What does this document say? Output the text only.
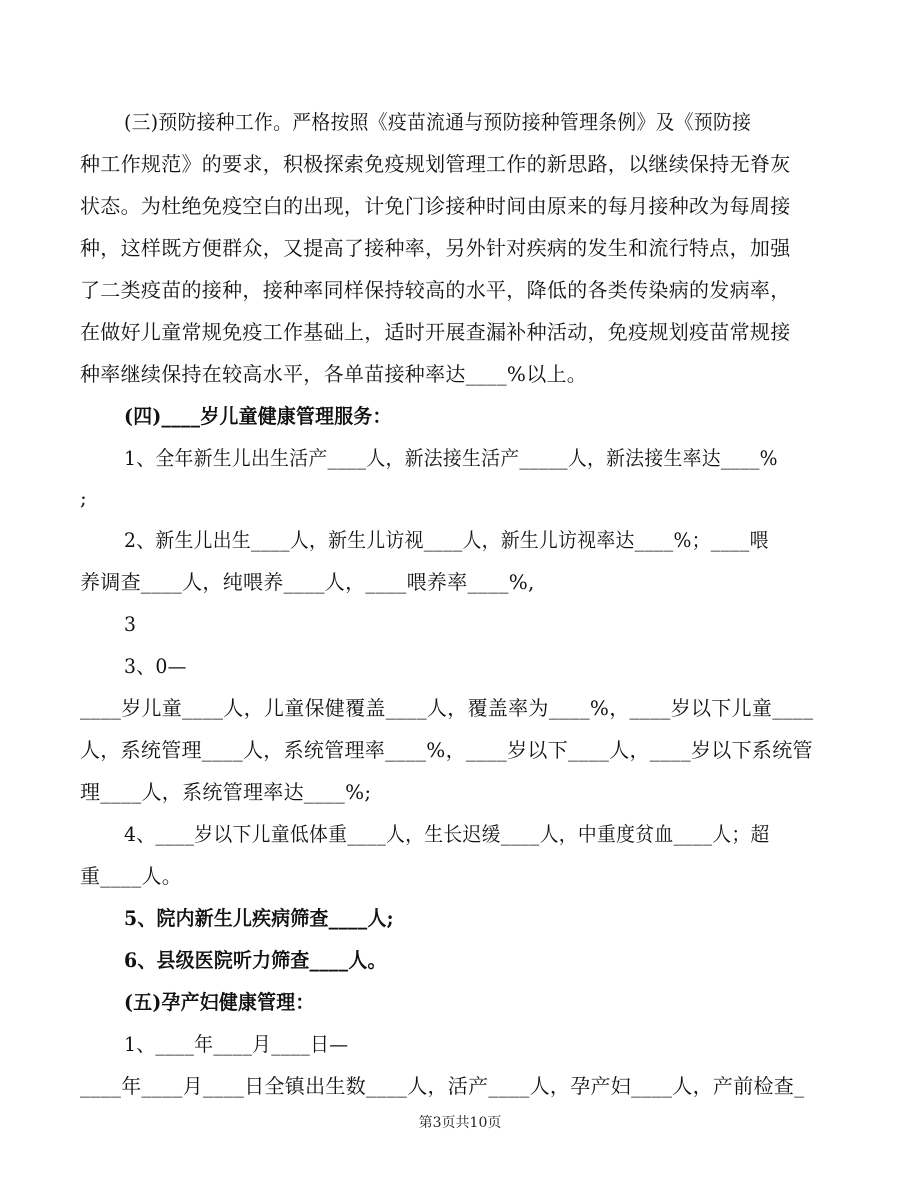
(三)预防接种工作。严格按照《疫苗流通与预防接种管理条例》及《预防接
种工作规范》的要求，积极探索免疫规划管理工作的新思路，以继续保持无脊灰
状态。为杜绝免疫空白的出现，计免门诊接种时间由原来的每月接种改为每周接
种，这样既方便群众，又提高了接种率，另外针对疾病的发生和流行特点，加强
了二类疫苗的接种，接种率同样保持较高的水平，降低的各类传染病的发病率，
在做好儿童常规免疫工作基础上，适时开展查漏补种活动，免疫规划疫苗常规接
种率继续保持在较高水平，各单苗接种率达____%以上。
(四)____岁儿童健康管理服务：
1、全年新生儿出生活产____人，新法接生活产_____人，新法接生率达____%
;
2、新生儿出生____人，新生儿访视____人，新生儿访视率达____%；____喂
养调查____人，纯喂养____人，____喂养率____%,
3
3、0—
____岁儿童____人，儿童保健覆盖____人，覆盖率为____%，____岁以下儿童____
人，系统管理____人，系统管理率____%，____岁以下____人，____岁以下系统管
理____人，系统管理率达____%;
4、____岁以下儿童低体重____人，生长迟缓____人，中重度贫血____人；超
重____人。
5、院内新生儿疾病筛查____人;
6、县级医院听力筛查____人。
(五)孕产妇健康管理：
1、____年____月____日—
____年____月____日全镇出生数____人，活产____人，孕产妇____人，产前检查_
第3页共10页
